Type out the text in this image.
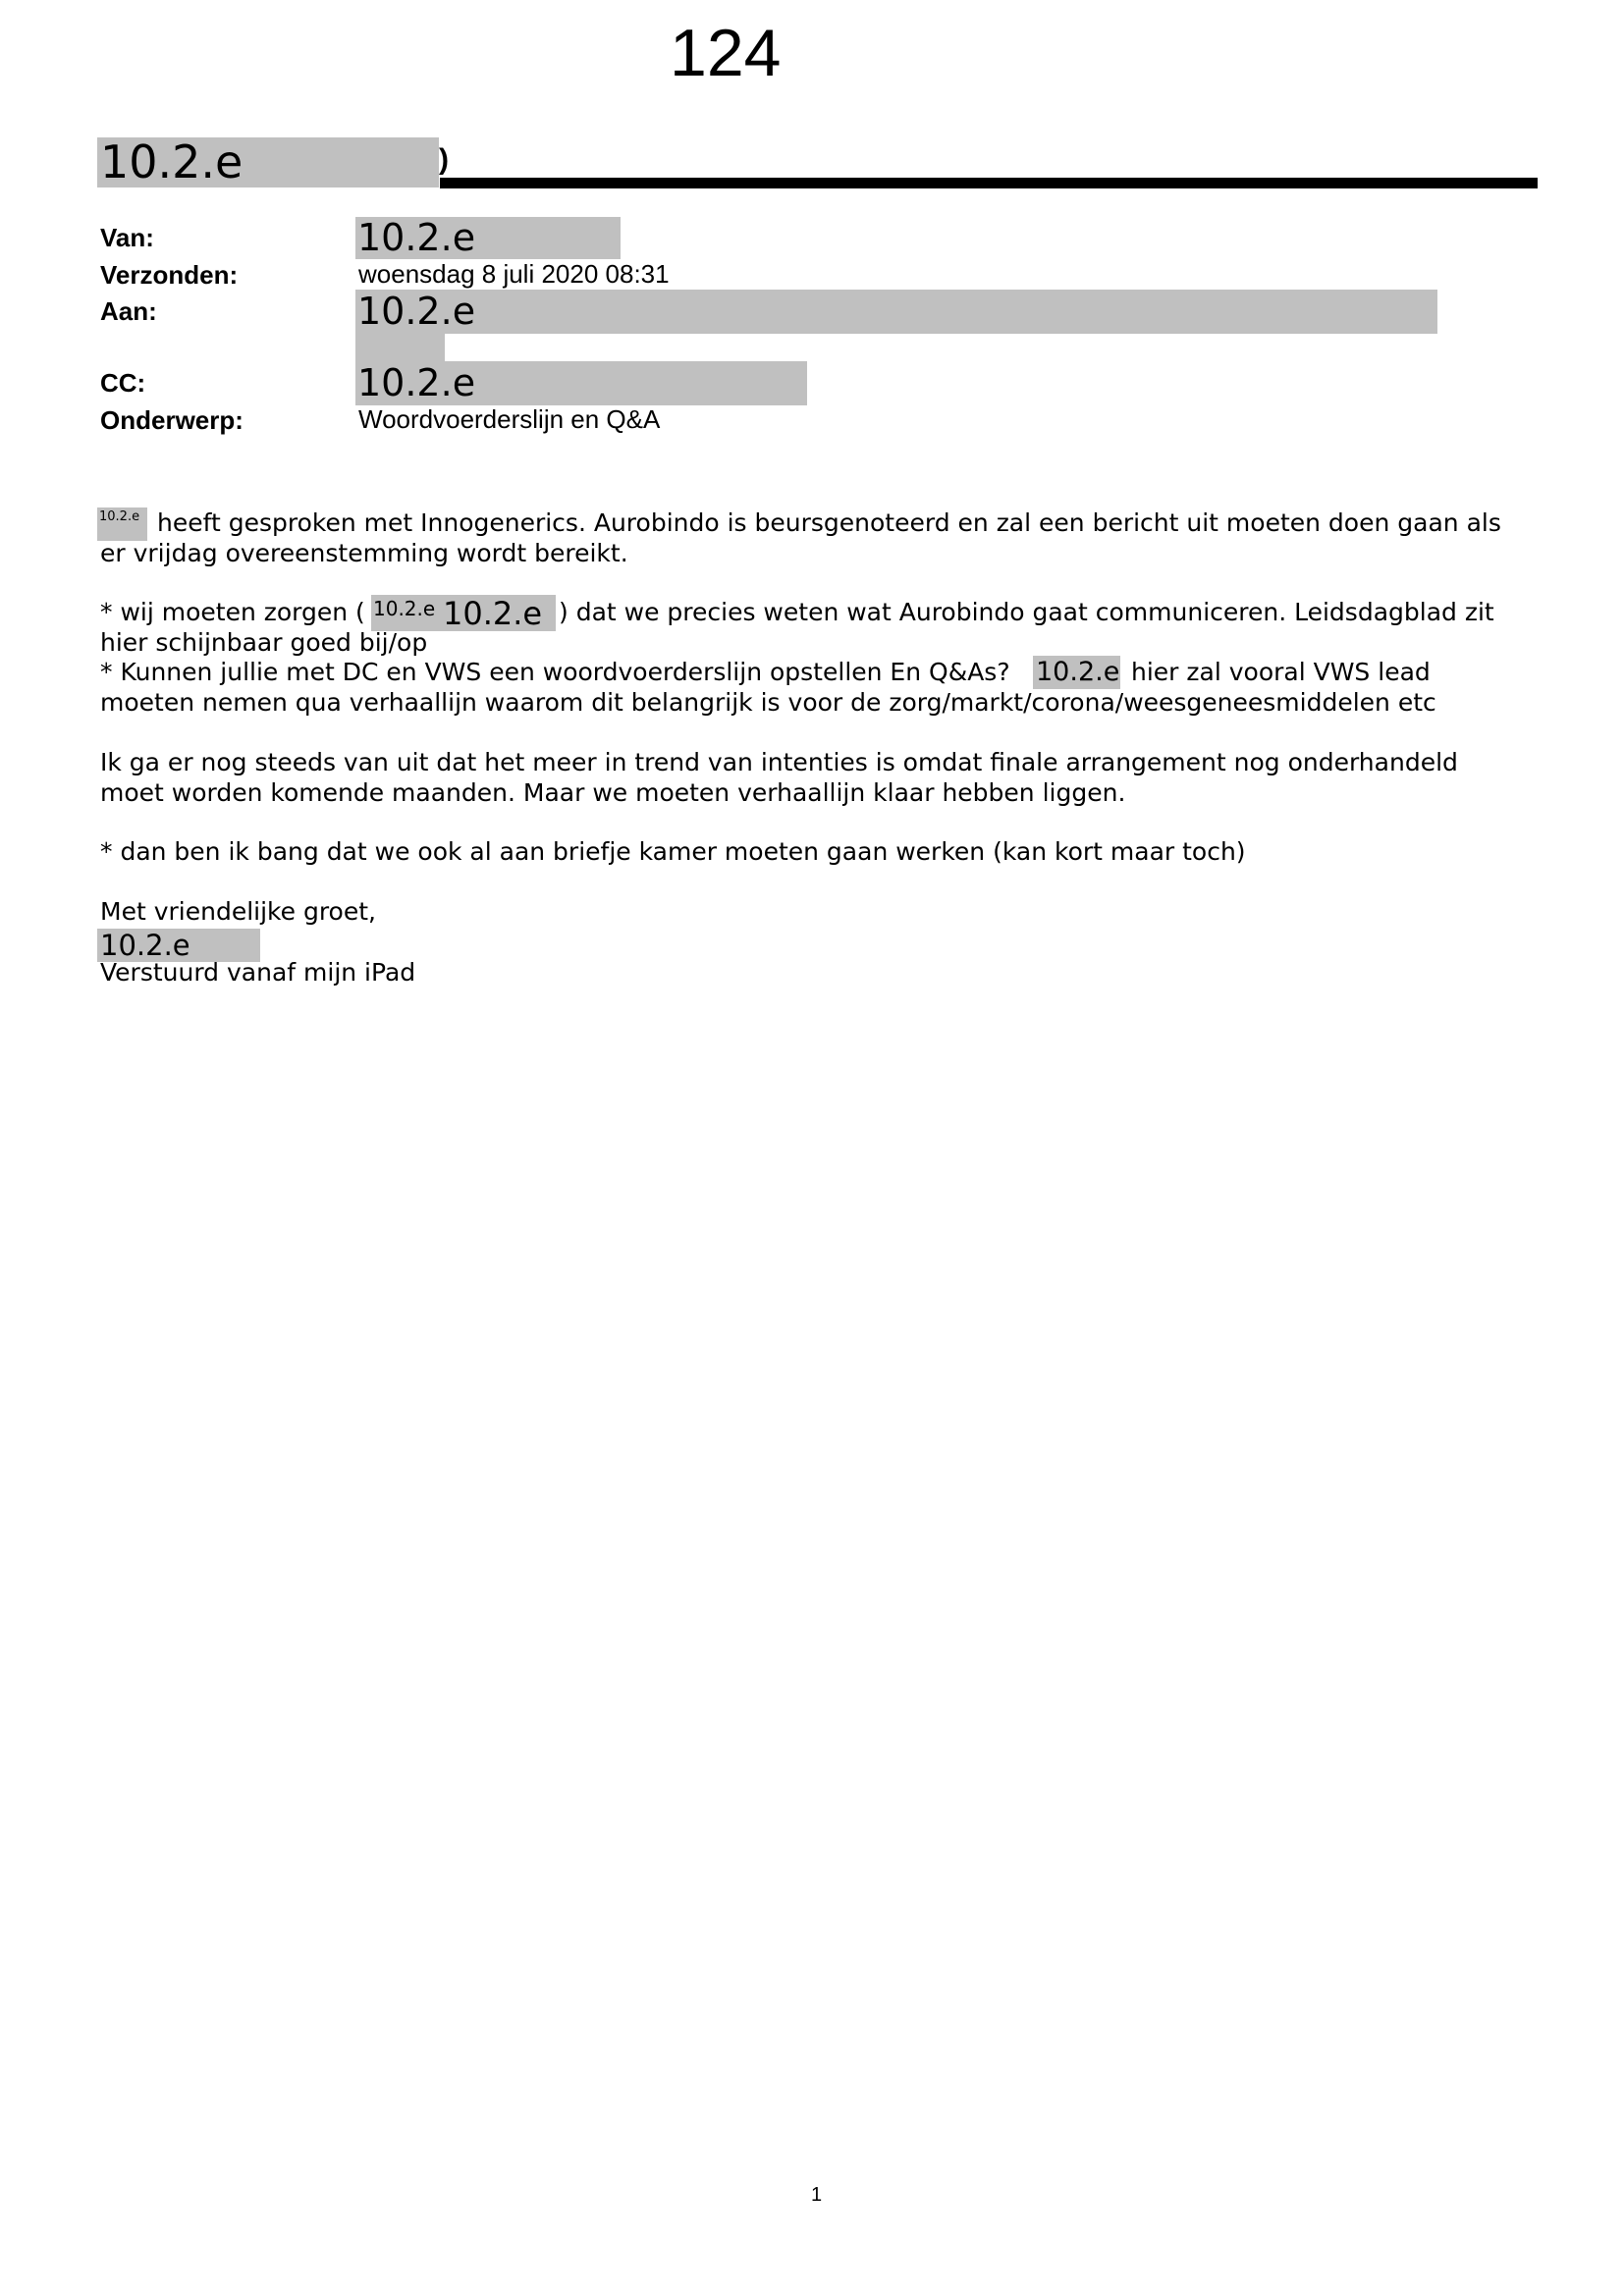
124
10.2.e	)
Van:	10.2.e
Verzonden:	woensdag 8 juli 2020 08:31
Aan:	10.2.e
CC:	10.2.e
Onderwerp:	Woordvoerderslijn en Q&A
10.2.e heeft gesproken met Innogenerics. Aurobindo is beursgenoteerd en zal een bericht uit moeten doen gaan als
er vrijdag overeenstemming wordt bereikt.
* wij moeten zorgen ( 10.2.e 10.2.e ) dat we precies weten wat Aurobindo gaat communiceren. Leidsdagblad zit
hier schijnbaar goed bij/op
* Kunnen jullie met DC en VWS een woordvoerderslijn opstellen En Q&As? 10.2.e hier zal vooral VWS lead
moeten nemen qua verhaallijn waarom dit belangrijk is voor de zorg/markt/corona/weesgeneesmiddelen etc
Ik ga er nog steeds van uit dat het meer in trend van intenties is omdat finale arrangement nog onderhandeld
moet worden komende maanden. Maar we moeten verhaallijn klaar hebben liggen.
* dan ben ik bang dat we ook al aan briefje kamer moeten gaan werken (kan kort maar toch)
Met vriendelijke groet,
10.2.e
Verstuurd vanaf mijn iPad
1
